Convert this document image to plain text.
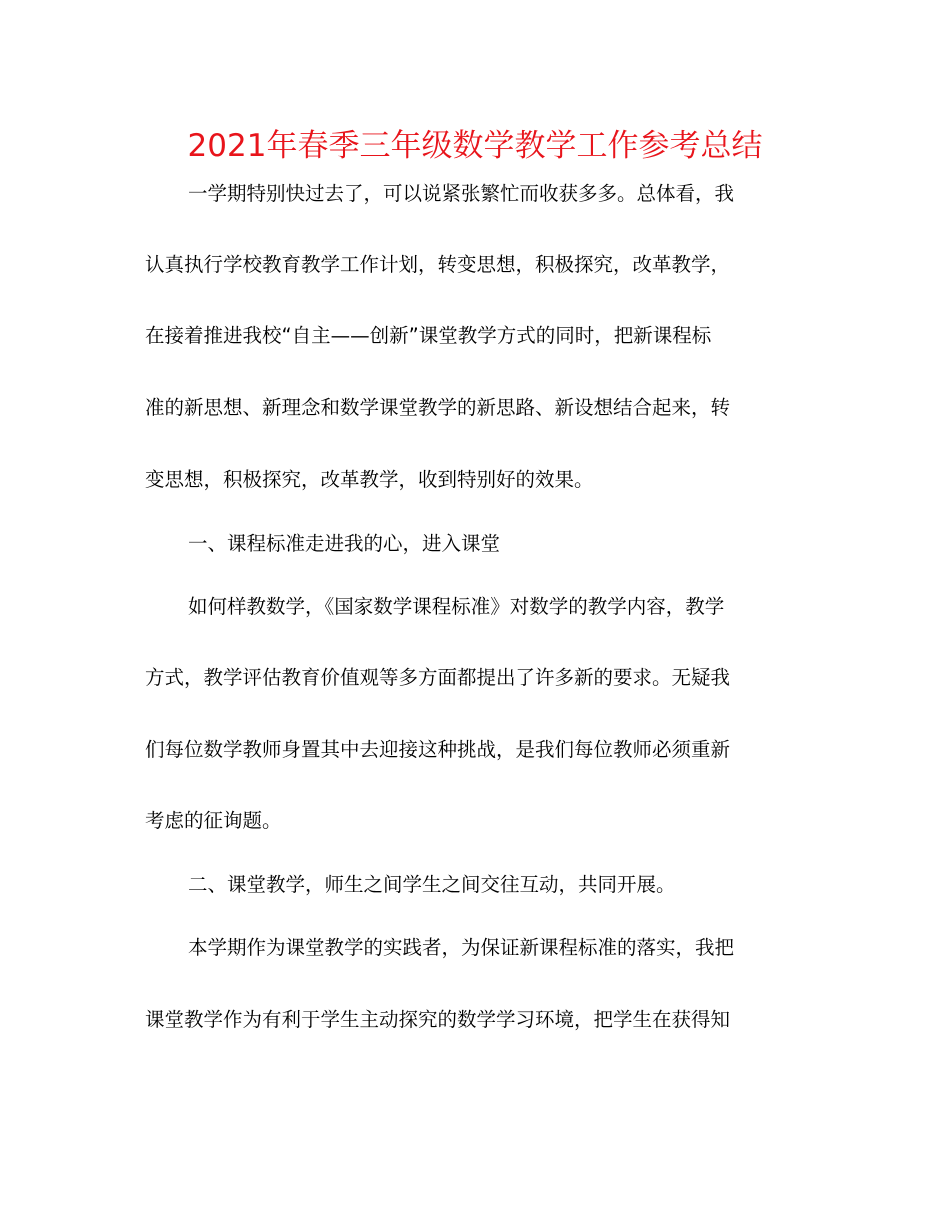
2021年春季三年级数学教学工作参考总结
一学期特别快过去了，可以说紧张繁忙而收获多多。总体看，我
认真执行学校教育教学工作计划，转变思想，积极探究，改革教学，
在接着推进我校“自主——创新”课堂教学方式的同时，把新课程标
准的新思想、新理念和数学课堂教学的新思路、新设想结合起来，转
变思想，积极探究，改革教学，收到特别好的效果。
一、课程标准走进我的心，进入课堂
如何样教数学，《国家数学课程标准》对数学的教学内容，教学
方式，教学评估教育价值观等多方面都提出了许多新的要求。无疑我
们每位数学教师身置其中去迎接这种挑战，是我们每位教师必须重新
考虑的征询题。
二、课堂教学，师生之间学生之间交往互动，共同开展。
本学期作为课堂教学的实践者，为保证新课程标准的落实，我把
课堂教学作为有利于学生主动探究的数学学习环境，把学生在获得知
